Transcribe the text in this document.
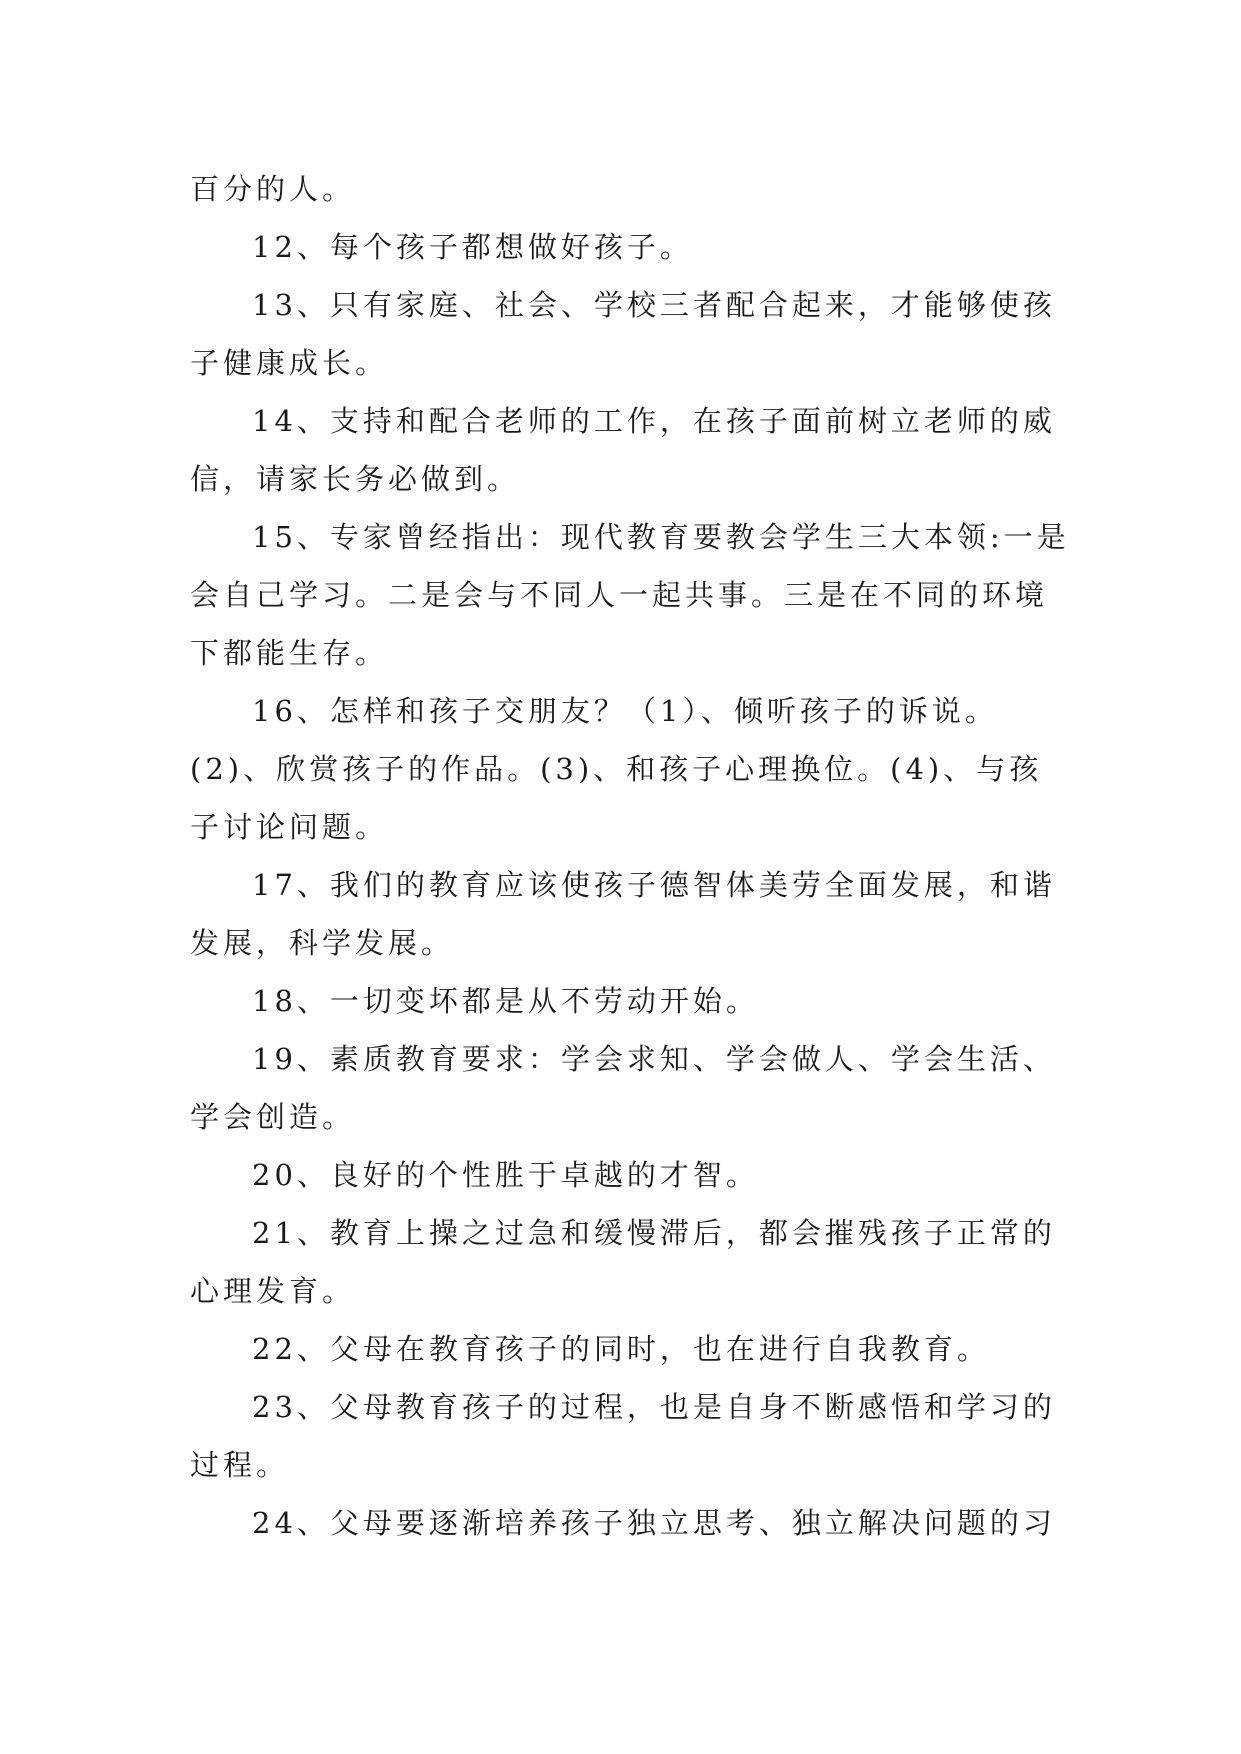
百分的人。

12、每个孩子都想做好孩子。

13、只有家庭、社会、学校三者配合起来，才能够使孩子健康成长。

14、支持和配合老师的工作，在孩子面前树立老师的威信，请家长务必做到。

15、专家曾经指出：现代教育要教会学生三大本领:一是会自己学习。二是会与不同人一起共事。三是在不同的环境下都能生存。

16、怎样和孩子交朋友？（1）、倾听孩子的诉说。(2)、欣赏孩子的作品。(3)、和孩子心理换位。(4)、与孩子讨论问题。

17、我们的教育应该使孩子德智体美劳全面发展，和谐发展，科学发展。

18、一切变坏都是从不劳动开始。

19、素质教育要求：学会求知、学会做人、学会生活、学会创造。

20、良好的个性胜于卓越的才智。

21、教育上操之过急和缓慢滞后，都会摧残孩子正常的心理发育。

22、父母在教育孩子的同时，也在进行自我教育。

23、父母教育孩子的过程，也是自身不断感悟和学习的过程。

24、父母要逐渐培养孩子独立思考、独立解决问题的习
